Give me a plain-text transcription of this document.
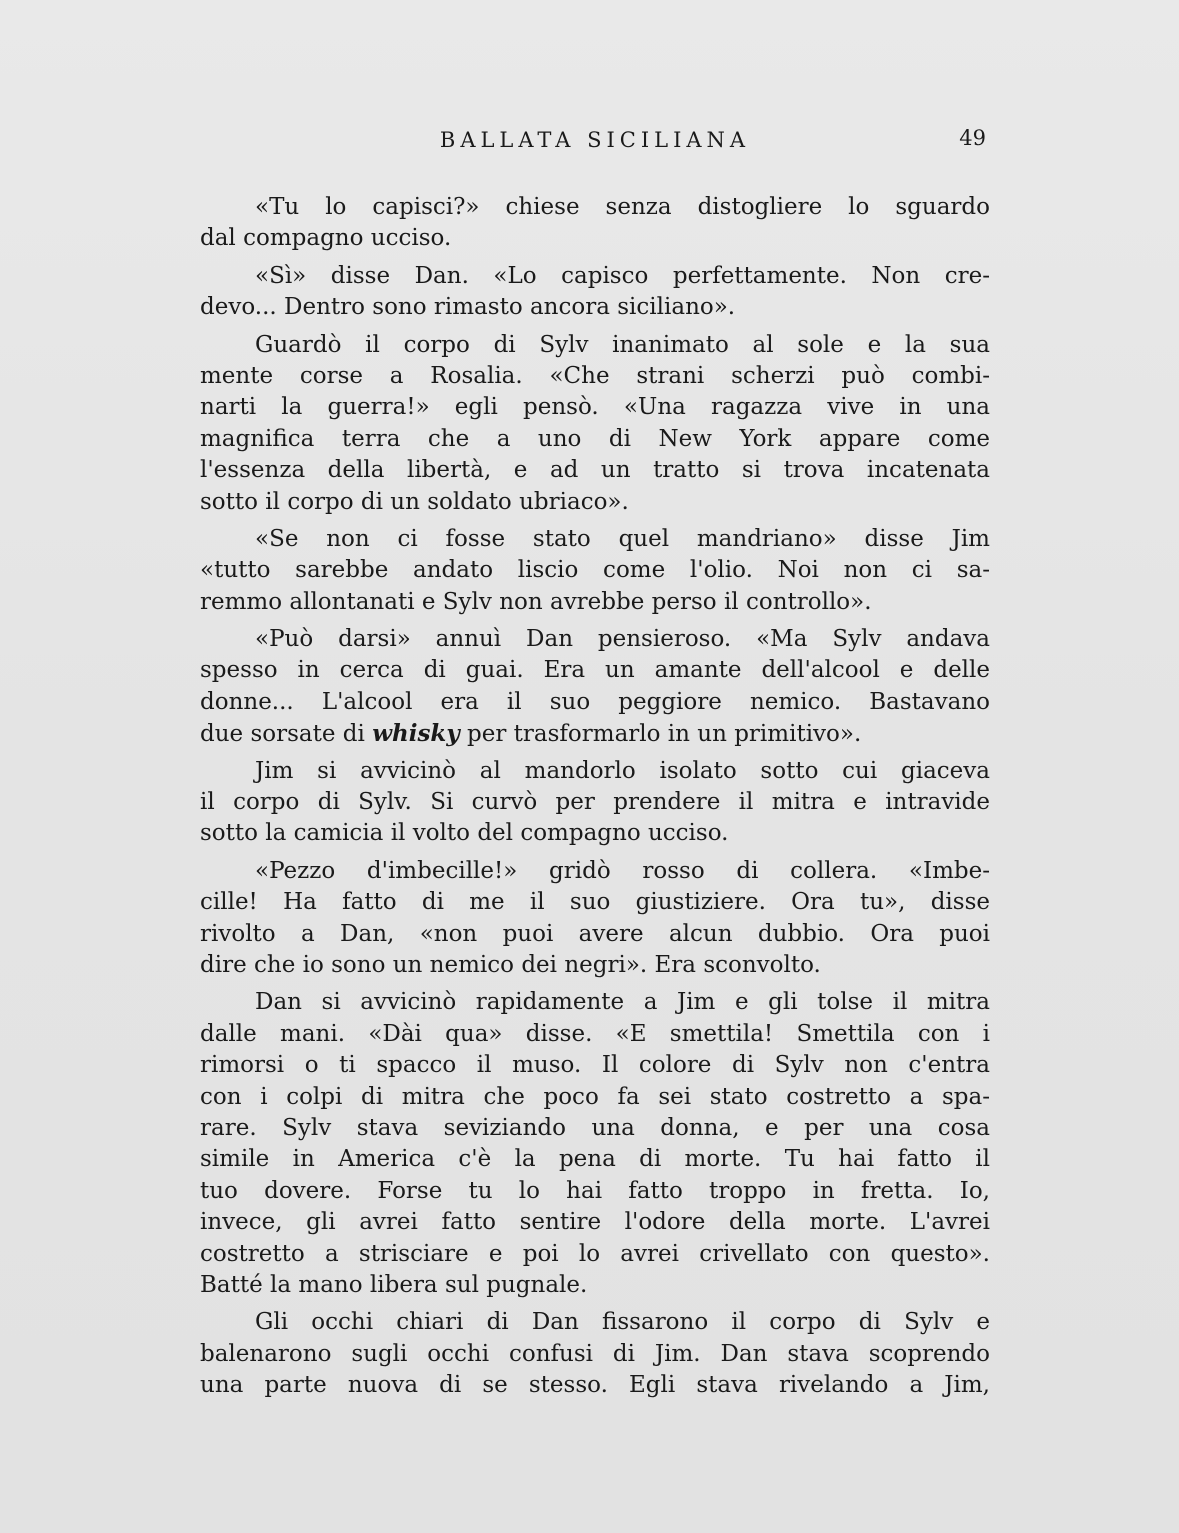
BALLATA SICILIANA	49
«Tu lo capisci?» chiese senza distogliere lo sguardo
dal compagno ucciso.
«Sì» disse Dan. «Lo capisco perfettamente. Non cre-
devo... Dentro sono rimasto ancora siciliano».
Guardò il corpo di Sylv inanimato al sole e la sua
mente corse a Rosalia. «Che strani scherzi può combi-
narti la guerra!» egli pensò. «Una ragazza vive in una
magnifica terra che a uno di New York appare come
l'essenza della libertà, e ad un tratto si trova incatenata
sotto il corpo di un soldato ubriaco».
«Se non ci fosse stato quel mandriano» disse Jim
«tutto sarebbe andato liscio come l'olio. Noi non ci sa-
remmo allontanati e Sylv non avrebbe perso il controllo».
«Può darsi» annuì Dan pensieroso. «Ma Sylv andava
spesso in cerca di guai. Era un amante dell'alcool e delle
donne... L'alcool era il suo peggiore nemico. Bastavano
due sorsate di whisky per trasformarlo in un primitivo».
Jim si avvicinò al mandorlo isolato sotto cui giaceva
il corpo di Sylv. Si curvò per prendere il mitra e intravide
sotto la camicia il volto del compagno ucciso.
«Pezzo d'imbecille!» gridò rosso di collera. «Imbe-
cille! Ha fatto di me il suo giustiziere. Ora tu», disse
rivolto a Dan, «non puoi avere alcun dubbio. Ora puoi
dire che io sono un nemico dei negri». Era sconvolto.
Dan si avvicinò rapidamente a Jim e gli tolse il mitra
dalle mani. «Dài qua» disse. «E smettila! Smettila con i
rimorsi o ti spacco il muso. Il colore di Sylv non c'entra
con i colpi di mitra che poco fa sei stato costretto a spa-
rare. Sylv stava seviziando una donna, e per una cosa
simile in America c'è la pena di morte. Tu hai fatto il
tuo dovere. Forse tu lo hai fatto troppo in fretta. Io,
invece, gli avrei fatto sentire l'odore della morte. L'avrei
costretto a strisciare e poi lo avrei crivellato con questo».
Batté la mano libera sul pugnale.
Gli occhi chiari di Dan fissarono il corpo di Sylv e
balenarono sugli occhi confusi di Jim. Dan stava scoprendo
una parte nuova di se stesso. Egli stava rivelando a Jim,
